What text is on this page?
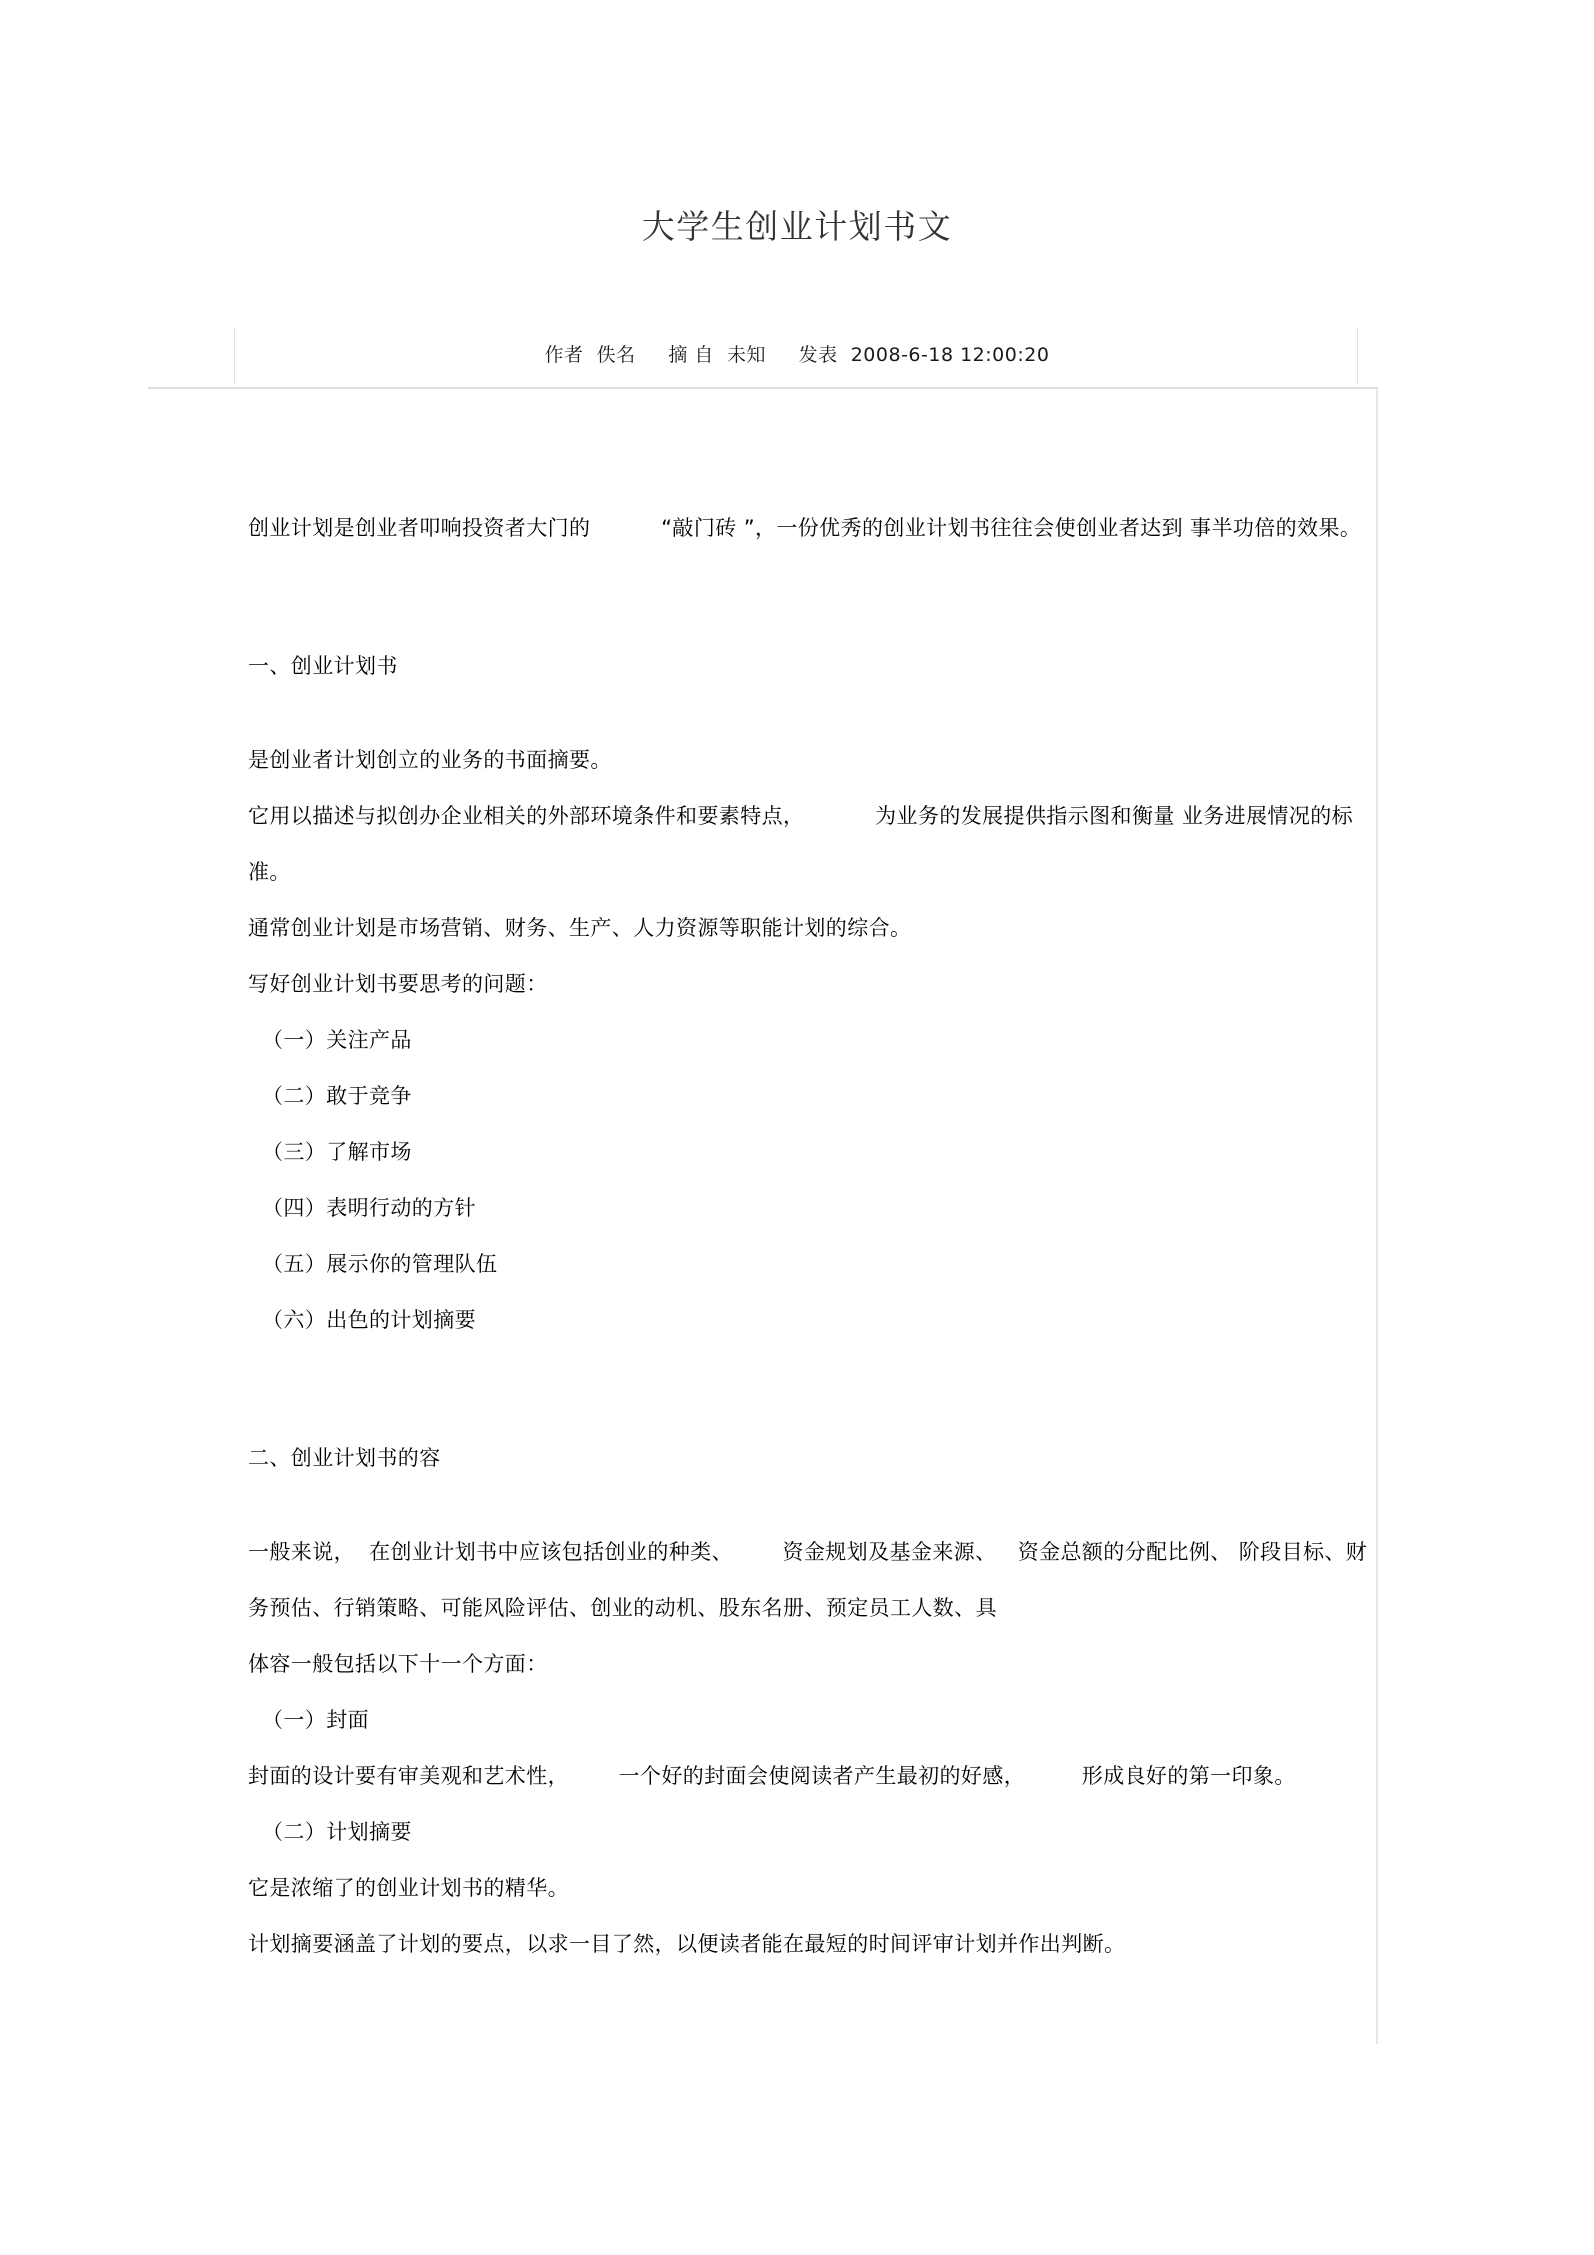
大学生创业计划书文
作者  佚名     摘 自  未知     发表  2008-6-18 12:00:20
创业计划是创业者叩响投资者大门的          “敲门砖 ”，一份优秀的创业计划书往往会使创业者达到 事半功倍的效果。
一、创业计划书
是创业者计划创立的业务的书面摘要。
它用以描述与拟创办企业相关的外部环境条件和要素特点，          为业务的发展提供指示图和衡量 业务进展情况的标准。
通常创业计划是市场营销、财务、生产、人力资源等职能计划的综合。
写好创业计划书要思考的问题：
（一）关注产品
（二）敢于竞争
（三）了解市场
（四）表明行动的方针
（五）展示你的管理队伍
（六）出色的计划摘要
二、创业计划书的容
一般来说，  在创业计划书中应该包括创业的种类、       资金规划及基金来源、   资金总额的分配比例、 阶段目标、财务预估、行销策略、可能风险评估、创业的动机、股东名册、预定员工人数、具
体容一般包括以下十一个方面：
（一）封面
封面的设计要有审美观和艺术性，       一个好的封面会使阅读者产生最初的好感，        形成良好的第一印象。
（二）计划摘要
它是浓缩了的创业计划书的精华。
计划摘要涵盖了计划的要点，以求一目了然，以便读者能在最短的时间评审计划并作出判断。
